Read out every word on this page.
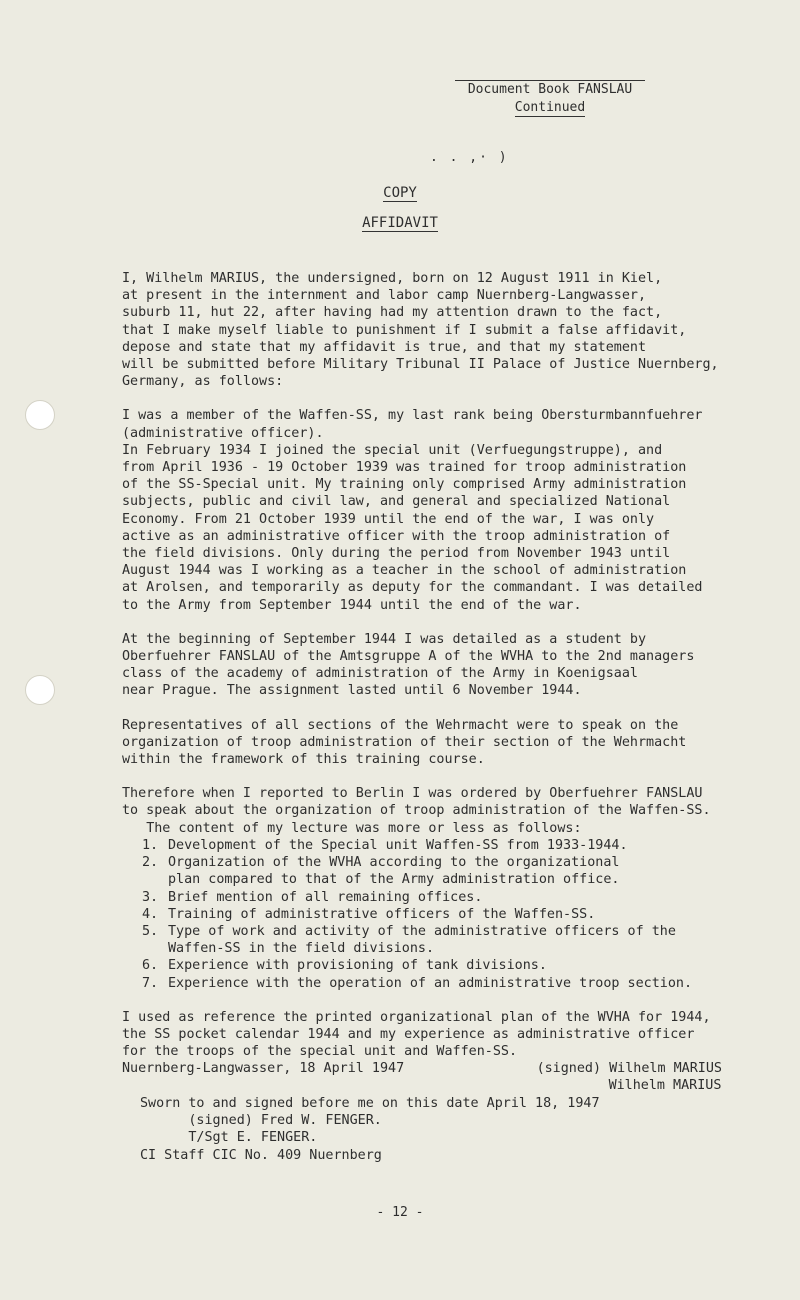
Document Book FANSLAU
Continued
. . ,· )
COPY
AFFIDAVIT

I, Wilhelm MARIUS, the undersigned, born on 12 August 1911 in Kiel,
at present in the internment and labor camp Nuernberg-Langwasser,
suburb 11, hut 22, after having had my attention drawn to the fact,
that I make myself liable to punishment if I submit a false affidavit,
depose and state that my affidavit is true, and that my statement
will be submitted before Military Tribunal II Palace of Justice Nuernberg,
Germany, as follows:

I was a member of the Waffen-SS, my last rank being Obersturmbannfuehrer
(administrative officer).
In February 1934 I joined the special unit (Verfuegungstruppe), and
from April 1936 - 19 October 1939 was trained for troop administration
of the SS-Special unit. My training only comprised Army administration
subjects, public and civil law, and general and specialized National
Economy. From 21 October 1939 until the end of the war, I was only
active as an administrative officer with the troop administration of
the field divisions. Only during the period from November 1943 until
August 1944 was I working as a teacher in the school of administration
at Arolsen, and temporarily as deputy for the commandant. I was detailed
to the Army from September 1944 until the end of the war.

At the beginning of September 1944 I was detailed as a student by
Oberfuehrer FANSLAU of the Amtsgruppe A of the WVHA to the 2nd managers
class of the academy of administration of the Army in Koenigsaal
near Prague. The assignment lasted until 6 November 1944.

Representatives of all sections of the Wehrmacht were to speak on the
organization of troop administration of their section of the Wehrmacht
within the framework of this training course.

Therefore when I reported to Berlin I was ordered by Oberfuehrer FANSLAU
to speak about the organization of troop administration of the Waffen-SS.
The content of my lecture was more or less as follows:

1. Development of the Special unit Waffen-SS from 1933-1944.
2. Organization of the WVHA according to the organizational
plan compared to that of the Army administration office.
3. Brief mention of all remaining offices.
4. Training of administrative officers of the Waffen-SS.
5. Type of work and activity of the administrative officers of the
Waffen-SS in the field divisions.
6. Experience with provisioning of tank divisions.
7. Experience with the operation of an administrative troop section.

I used as reference the printed organizational plan of the WVHA for 1944,
the SS pocket calendar 1944 and my experience as administrative officer
for the troops of the special unit and Waffen-SS.

Nuernberg-Langwasser, 18 April 1947	(signed) Wilhelm MARIUS
Wilhelm MARIUS
Sworn to and signed before me on this date April 18, 1947
(signed) Fred W. FENGER.
T/Sgt E. FENGER.
CI Staff CIC No. 409 Nuernberg
- 12 -
